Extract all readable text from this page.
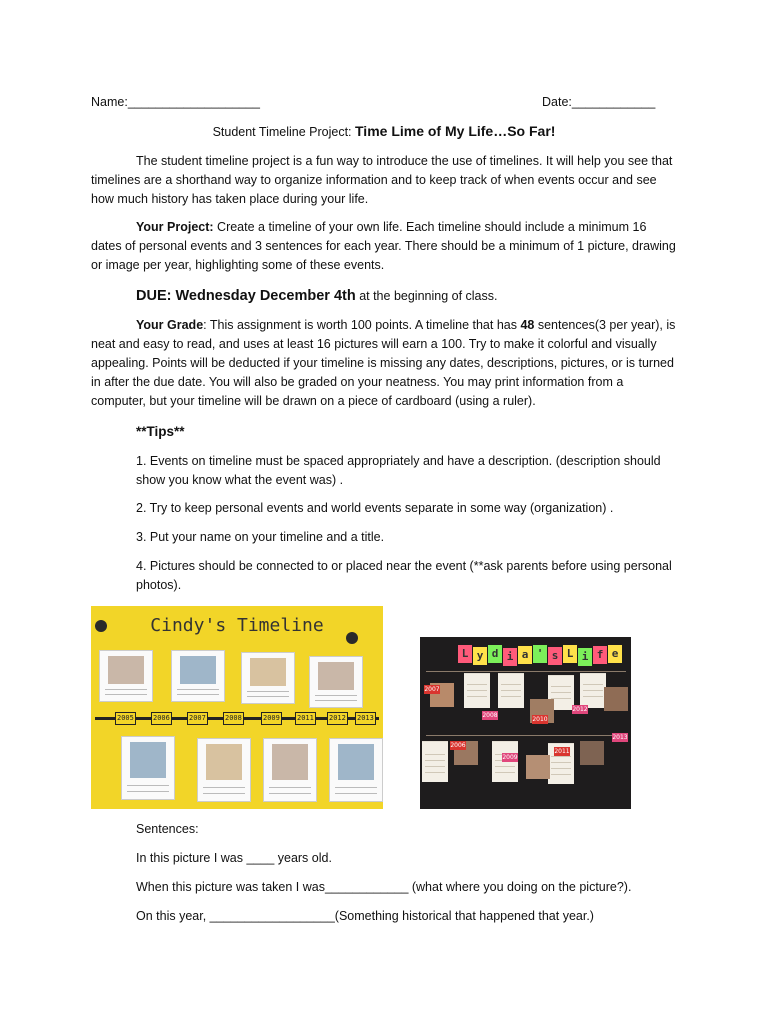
Name:___________________	Date:____________
Student Timeline Project: Time Lime of My Life…So Far!
The student timeline project is a fun way to introduce the use of timelines. It will help you see that timelines are a shorthand way to organize information and to keep track of when events occur and see how much history has taken place during your life.
Your Project: Create a timeline of your own life. Each timeline should include a minimum 16 dates of personal events and 3 sentences for each year. There should be a minimum of 1 picture, drawing or image per year, highlighting some of these events.
DUE: Wednesday December 4th at the beginning of class.
Your Grade: This assignment is worth 100 points. A timeline that has 48 sentences(3 per year), is neat and easy to read, and uses at least 16 pictures will earn a 100. Try to make it colorful and visually appealing. Points will be deducted if your timeline is missing any dates, descriptions, pictures, or is turned in after the due date. You will also be graded on your neatness. You may print information from a computer, but your timeline will be drawn on a piece of cardboard (using a ruler).
**Tips**
1. Events on timeline must be spaced appropriately and have a description. (description should show you know what the event was) .
2. Try to keep personal events and world events separate in some way (organization) .
3. Put your name on your timeline and a title.
4. Pictures should be connected to or placed near the event (**ask parents before using personal photos).
Cindy's Timeline
2005	2006	2007	2008	2009 2011 2012 2013
2007
2008
2010
2012
2011
2009
2006
2013
L y d i a ' s L i f e
Sentences:
In this picture I was ____ years old.
When this picture was taken I was____________ (what where you doing on the picture?).
On this year, __________________(Something historical that happened that year.)
